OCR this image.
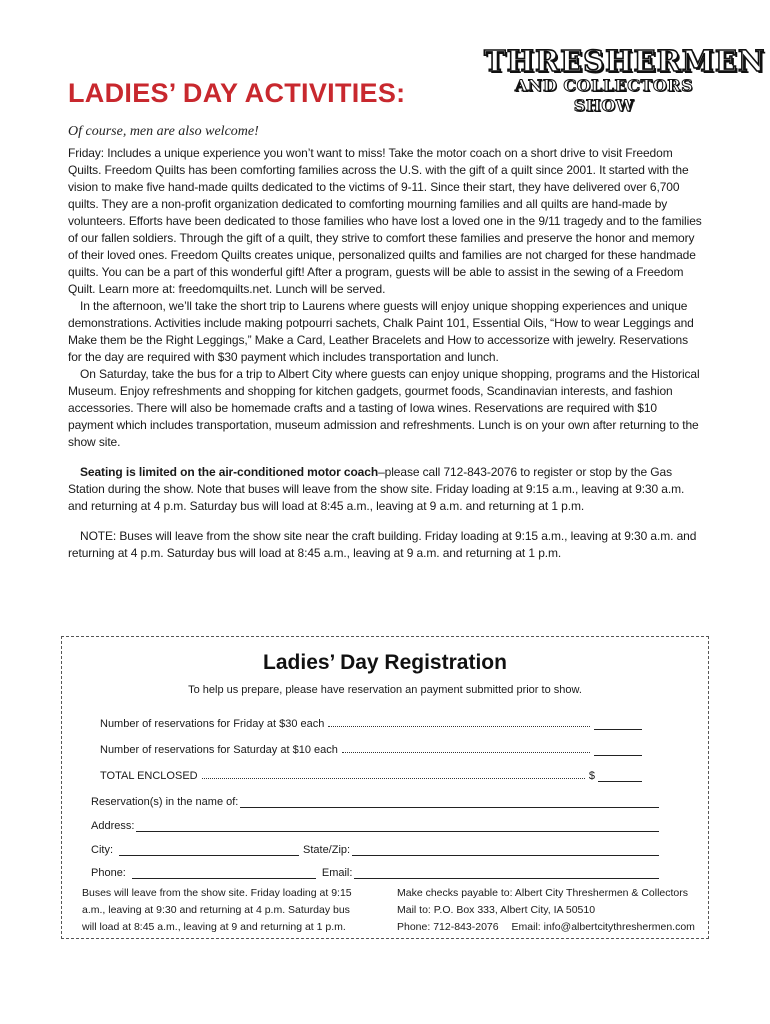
LADIES’ DAY ACTIVITIES:
THRESHERMEN
AND COLLECTORS SHOW
Of course, men are also welcome!

Friday: Includes a unique experience you won’t want to miss! Take the motor coach on a short drive to visit Freedom Quilts. Freedom Quilts has been comforting families across the U.S. with the gift of a quilt since 2001. It started with the vision to make five hand-made quilts dedicated to the victims of 9-11. Since their start, they have delivered over 6,700 quilts. They are a non-profit organization dedicated to comforting mourning families and all quilts are hand-made by volunteers. Efforts have been dedicated to those families who have lost a loved one in the 9/11 tragedy and to the families of our fallen soldiers. Through the gift of a quilt, they strive to comfort these families and preserve the honor and memory of their loved ones. Freedom Quilts creates unique, personalized quilts and families are not charged for these handmade quilts. You can be a part of this wonderful gift! After a program, guests will be able to assist in the sewing of a Freedom Quilt. Learn more at: freedomquilts.net. Lunch will be served.

In the afternoon, we’ll take the short trip to Laurens where guests will enjoy unique shopping experiences and unique demonstrations. Activities include making potpourri sachets, Chalk Paint 101, Essential Oils, “How to wear Leggings and Make them be the Right Leggings,” Make a Card, Leather Bracelets and How to accessorize with jewelry. Reservations for the day are required with $30 payment which includes transportation and lunch.

On Saturday, take the bus for a trip to Albert City where guests can enjoy unique shopping, programs and the Historical Museum. Enjoy refreshments and shopping for kitchen gadgets, gourmet foods, Scandinavian interests, and fashion accessories. There will also be homemade crafts and a tasting of Iowa wines. Reservations are required with $10 payment which includes transportation, museum admission and refreshments. Lunch is on your own after returning to the show site.

Seating is limited on the air-conditioned motor coach–please call 712-843-2076 to register or stop by the Gas Station during the show. Note that buses will leave from the show site. Friday loading at 9:15 a.m., leaving at 9:30 a.m. and returning at 4 p.m. Saturday bus will load at 8:45 a.m., leaving at 9 a.m. and returning at 1 p.m.

NOTE: Buses will leave from the show site near the craft building. Friday loading at 9:15 a.m., leaving at 9:30 a.m. and returning at 4 p.m. Saturday bus will load at 8:45 a.m., leaving at 9 a.m. and returning at 1 p.m.

Ladies’ Day Registration
To help us prepare, please have reservation an payment submitted prior to show.
Number of reservations for Friday at $30 each
Number of reservations for Saturday at $10 each
TOTAL ENCLOSED	$
Reservation(s) in the name of:
Address:
City:	State/Zip:
Phone:	Email:
Buses will leave from the show site. Friday loading at 9:15 a.m., leaving at 9:30 and returning at 4 p.m. Saturday bus will load at 8:45 a.m., leaving at 9 and returning at 1 p.m.
Make checks payable to: Albert City Threshermen & Collectors
Mail to: P.O. Box 333, Albert City, IA 50510
Phone: 712-843-2076 Email: info@albertcitythreshermen.com
